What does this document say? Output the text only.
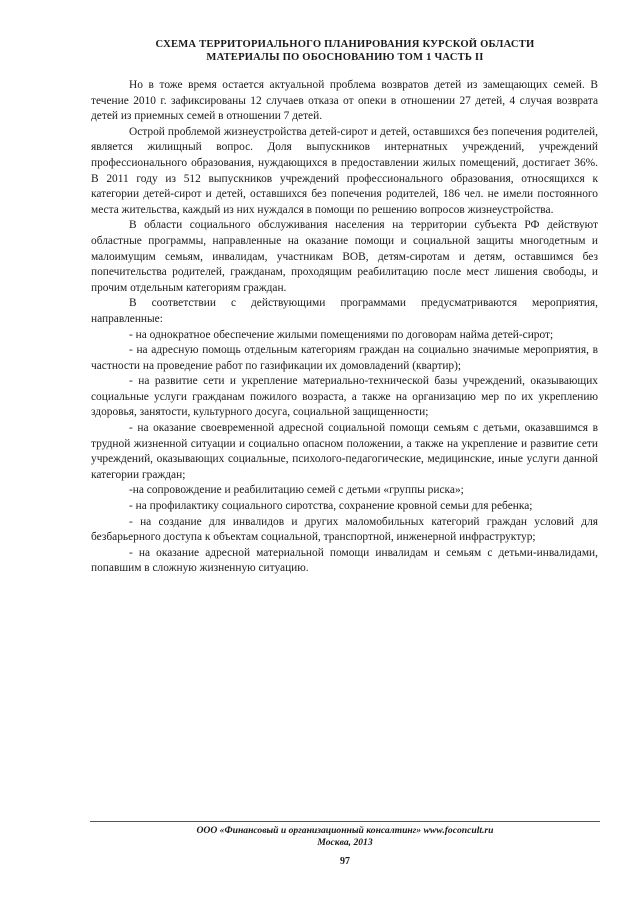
СХЕМА ТЕРРИТОРИАЛЬНОГО ПЛАНИРОВАНИЯ КУРСКОЙ ОБЛАСТИ
МАТЕРИАЛЫ ПО ОБОСНОВАНИЮ ТОМ 1 ЧАСТЬ II

Но в тоже время остается актуальной проблема возвратов детей из замещающих семей. В течение 2010 г. зафиксированы 12 случаев отказа от опеки в отношении 27 детей, 4 случая возврата детей из приемных семей в отношении 7 детей.

Острой проблемой жизнеустройства детей-сирот и детей, оставшихся без попечения родителей, является жилищный вопрос. Доля выпускников интернатных учреждений, учреждений профессионального образования, нуждающихся в предоставлении жилых помещений, достигает 36%. В 2011 году из 512 выпускников учреждений профессионального образования, относящихся к категории детей-сирот и детей, оставшихся без попечения родителей, 186 чел. не имели постоянного места жительства, каждый из них нуждался в помощи по решению вопросов жизнеустройства.

В области социального обслуживания населения на территории субъекта РФ действуют областные программы, направленные на оказание помощи и социальной защиты многодетным и малоимущим семьям, инвалидам, участникам ВОВ, детям-сиротам и детям, оставшимся без попечительства родителей, гражданам, проходящим реабилитацию после мест лишения свободы, и прочим отдельным категориям граждан.

В соответствии с действующими программами предусматриваются мероприятия, направленные:

- на однократное обеспечение жилыми помещениями по договорам найма детей-сирот;

- на адресную помощь отдельным категориям граждан на социально значимые мероприятия, в частности на проведение работ по газификации их домовладений (квартир);

- на развитие сети и укрепление материально-технической базы учреждений, оказывающих социальные услуги гражданам пожилого возраста, а также на организацию мер по их укреплению здоровья, занятости, культурного досуга, социальной защищенности;

- на оказание своевременной адресной социальной помощи семьям с детьми, оказавшимся в трудной жизненной ситуации и социально опасном положении, а также на укрепление и развитие сети учреждений, оказывающих социальные, психолого-педагогические, медицинские, иные услуги данной категории граждан;

-на сопровождение и реабилитацию семей с детьми «группы риска»;

- на профилактику социального сиротства, сохранение кровной семьи для ребенка;

- на создание для инвалидов и других маломобильных категорий граждан условий для безбарьерного доступа к объектам социальной, транспортной, инженерной инфраструктур;

- на оказание адресной материальной помощи инвалидам и семьям с детьми-инвалидами, попавшим в сложную жизненную ситуацию.

ООО «Финансовый и организационный консалтинг» www.foconcult.ru
Москва, 2013
97
